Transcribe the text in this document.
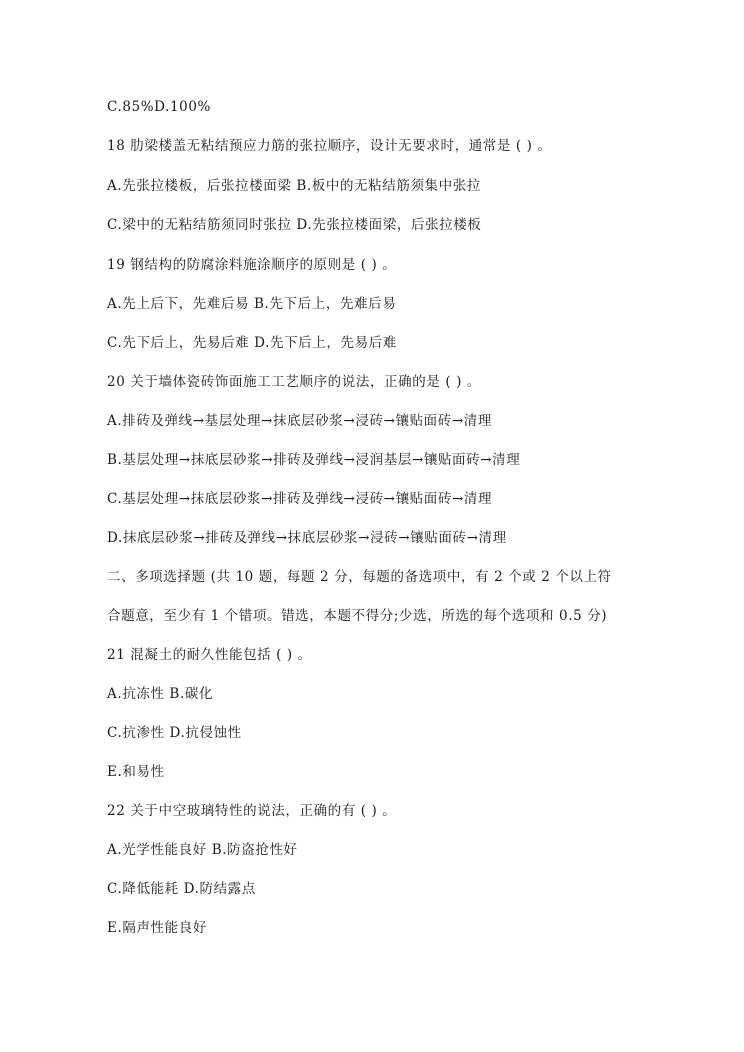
C.85%D.100%
18 肋梁楼盖无粘结预应力筋的张拉顺序，设计无要求时，通常是 ( ) 。
A.先张拉楼板，后张拉楼面梁 B.板中的无粘结筋须集中张拉
C.梁中的无粘结筋须同时张拉 D.先张拉楼面梁，后张拉楼板
19 钢结构的防腐涂料施涂顺序的原则是 ( ) 。
A.先上后下，先难后易 B.先下后上，先难后易
C.先下后上，先易后难 D.先下后上，先易后难
20 关于墙体瓷砖饰面施工工艺顺序的说法，正确的是 ( ) 。
A.排砖及弹线→基层处理→抹底层砂浆→浸砖→镶贴面砖→清理
B.基层处理→抹底层砂浆→排砖及弹线→浸润基层→镶贴面砖→清理
C.基层处理→抹底层砂浆→排砖及弹线→浸砖→镶贴面砖→清理
D.抹底层砂浆→排砖及弹线→抹底层砂浆→浸砖→镶贴面砖→清理
二、多项选择题 (共 10 题，每题 2 分，每题的备选项中，有 2 个或 2 个以上符
合题意，至少有 1 个错项。错选，本题不得分;少选，所选的每个选项和 0.5 分)
21 混凝土的耐久性能包括 ( ) 。
A.抗冻性 B.碳化
C.抗渗性 D.抗侵蚀性
E.和易性
22 关于中空玻璃特性的说法，正确的有 ( ) 。
A.光学性能良好 B.防盗抢性好
C.降低能耗 D.防结露点
E.隔声性能良好
